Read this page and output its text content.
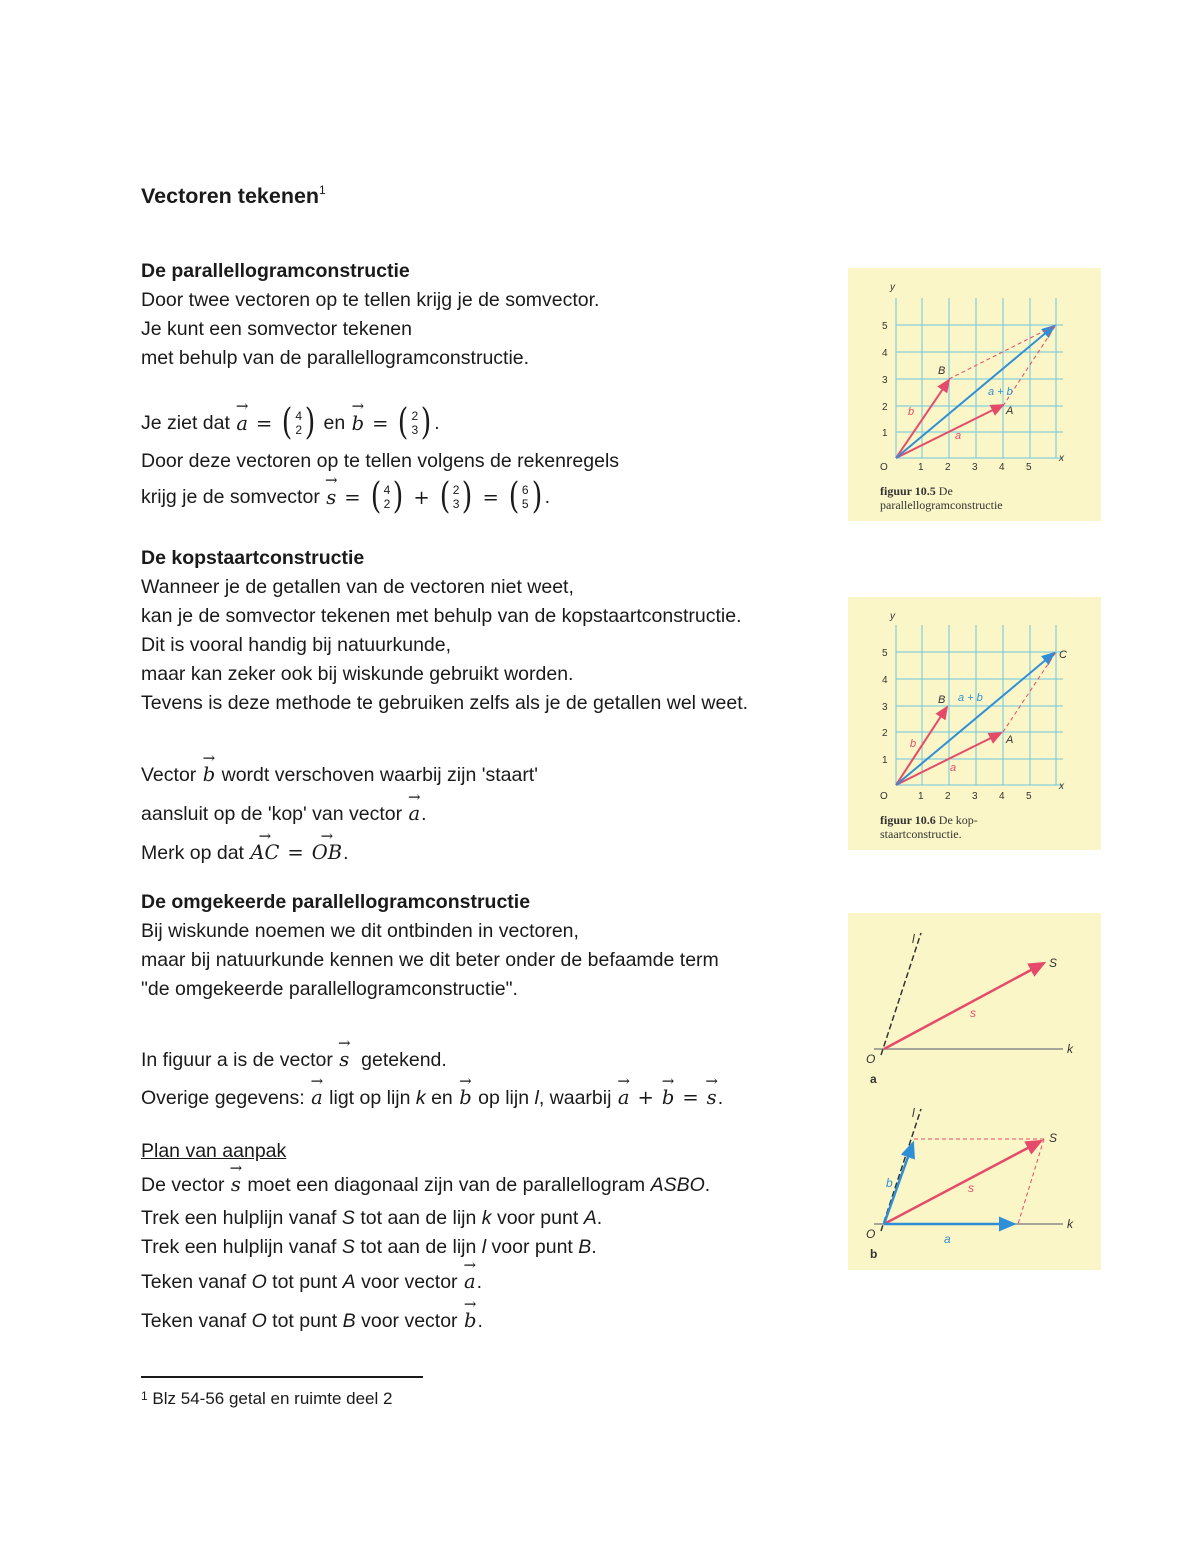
Vectoren tekenen$^1$
De parallellogramconstructie

Door twee vectoren op te tellen krijg je de somvector.

Je kunt een somvector tekenen

met behulp van de parallellogramconstructie.

Je ziet dat
→ a = ( 4
2 )
en
→ b = ( 2
3 ) .

Door deze vectoren op te tellen volgens de rekenregels

krijg je de somvector
→ s = ( 4
2 ) + ( 2
3 ) = ( 6
5 ) .
De kopstaartconstructie

Wanneer je de getallen van de vectoren niet weet,

kan je de somvector tekenen met behulp van de kopstaartconstructie.

Dit is vooral handig bij natuurkunde,

maar kan zeker ook bij wiskunde gebruikt worden.

Tevens is deze methode te gebruiken zelfs als je de getallen wel weet.

Vector → b wordt verschoven waarbij zijn 'staart'

aansluit op de 'kop' van vector → a.

Merk op dat → AC = → OB.

De omgekeerde parallellogramconstructie

Bij wiskunde noemen we dit ontbinden in vectoren,

maar bij natuurkunde kennen we dit beter onder de befaamde term

"de omgekeerde parallellogramconstructie".

In figuur a is de vector → s getekend.

Overige gegevens: → a ligt op lijn k en → b op lijn l, waarbij → a + → b = → s.

Plan van aanpak

De vector → s moet een diagonaal zijn van de parallellogram ASBO.

Trek een hulplijn vanaf S tot aan de lijn k voor punt A.

Trek een hulplijn vanaf S tot aan de lijn l voor punt B.

Teken vanaf O tot punt A voor vector → a.

Teken vanaf O tot punt B voor vector → b.

$^1$ Blz 54-56 getal en ruimte deel 2
y
x
O	1 2 3 4 5
1
2
3
4
5
A
B
a + b
a
b
figuur 10.5 De
parallellogramconstructie
y
x
O	1 2 3 4 5
1
2
3
4
5
A
B
C
a + b
a
b
figuur 10.6 De kop-
staartconstructie.
l
k
S
O
s
a
l
k
S
O
s
a
b
b
